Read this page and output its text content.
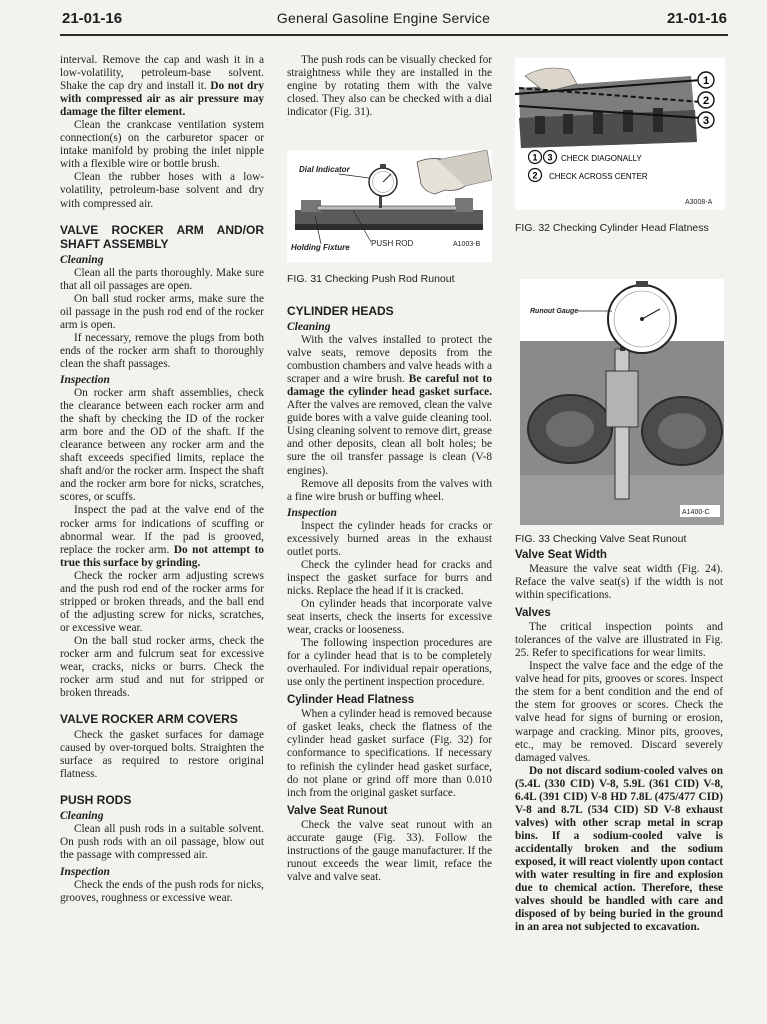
21-01-16	General Gasoline Engine Service	21-01-16

interval. Remove the cap and wash it in a low-volatility, petroleum-base solvent. Shake the cap dry and install it. Do not dry with compressed air as air pressure may damage the filter element.

Clean the crankcase ventilation system connection(s) on the carburetor spacer or intake manifold by probing the inlet nipple with a flexible wire or bottle brush.

Clean the rubber hoses with a low-volatility, petroleum-base solvent and dry with compressed air.

VALVE ROCKER ARM AND/OR SHAFT ASSEMBLY
Cleaning

Clean all the parts thoroughly. Make sure that all oil passages are open.

On ball stud rocker arms, make sure the oil passage in the push rod end of the rocker arm is open.

If necessary, remove the plugs from both ends of the rocker arm shaft to thoroughly clean the shaft passages.

Inspection

On rocker arm shaft assemblies, check the clearance between each rocker arm and the shaft by checking the ID of the rocker arm bore and the OD of the shaft. If the clearance between any rocker arm and the shaft exceeds specified limits, replace the shaft and/or the rocker arm. Inspect the shaft and the rocker arm bore for nicks, scratches, scores, or scuffs.

Inspect the pad at the valve end of the rocker arms for indications of scuffing or abnormal wear. If the pad is grooved, replace the rocker arm. Do not attempt to true this surface by grinding.

Check the rocker arm adjusting screws and the push rod end of the rocker arms for stripped or broken threads, and the ball end of the adjusting screw for nicks, scratches, or excessive wear.

On the ball stud rocker arms, check the rocker arm and fulcrum seat for excessive wear, cracks, nicks or burrs. Check the rocker arm stud and nut for stripped or broken threads.

VALVE ROCKER ARM COVERS

Check the gasket surfaces for damage caused by over-torqued bolts. Straighten the surface as required to restore original flatness.

PUSH RODS
Cleaning

Clean all push rods in a suitable solvent. On push rods with an oil passage, blow out the passage with compressed air.

Inspection

Check the ends of the push rods for nicks, grooves, roughness or excessive wear.

The push rods can be visually checked for straightness while they are installed in the engine by rotating them with the valve closed. They also can be checked with a dial indicator (Fig. 31).

Dial Indicator
Holding Fixture	PUSH ROD	A1003-B
FIG. 31 Checking Push Rod Runout
CYLINDER HEADS
Cleaning

With the valves installed to protect the valve seats, remove deposits from the combustion chambers and valve heads with a scraper and a wire brush. Be careful not to damage the cylinder head gasket surface. After the valves are removed, clean the valve guide bores with a valve guide cleaning tool. Using cleaning solvent to remove dirt, grease and other deposits, clean all bolt holes; be sure the oil transfer passage is clean (V-8 engines).

Remove all deposits from the valves with a fine wire brush or buffing wheel.

Inspection

Inspect the cylinder heads for cracks or excessively burned areas in the exhaust outlet ports.

Check the cylinder head for cracks and inspect the gasket surface for burrs and nicks. Replace the head if it is cracked.

On cylinder heads that incorporate valve seat inserts, check the inserts for excessive wear, cracks or looseness.

The following inspection procedures are for a cylinder head that is to be completely overhauled. For individual repair operations, use only the pertinent inspection procedure.

Cylinder Head Flatness

When a cylinder head is removed because of gasket leaks, check the flatness of the cylinder head gasket surface (Fig. 32) for conformance to specifications. If necessary to refinish the cylinder head gasket surface, do not plane or grind off more than 0.010 inch from the original gasket surface.

Valve Seat Runout

Check the valve seat runout with an accurate gauge (Fig. 33). Follow the instructions of the gauge manufacturer. If the runout exceeds the wear limit, reface the valve and valve seat.

1
2
3
1 3 CHECK DIAGONALLY
2 CHECK ACROSS CENTER
A3008-A
FIG. 32 Checking Cylinder Head Flatness
Runout Gauge
A1400-C
FIG. 33 Checking Valve Seat Runout
Valve Seat Width

Measure the valve seat width (Fig. 24). Reface the valve seat(s) if the width is not within specifications.

Valves

The critical inspection points and tolerances of the valve are illustrated in Fig. 25. Refer to specifications for wear limits.

Inspect the valve face and the edge of the valve head for pits, grooves or scores. Inspect the stem for a bent condition and the end of the stem for grooves or scores. Check the valve head for signs of burning or erosion, warpage and cracking. Minor pits, grooves, etc., may be removed. Discard severely damaged valves.

Do not discard sodium-cooled valves on (5.4L (330 CID) V-8, 5.9L (361 CID) V-8, 6.4L (391 CID) V-8 HD 7.8L (475/477 CID) V-8 and 8.7L (534 CID) SD V-8 exhaust valves) with other scrap metal in scrap bins. If a sodium-cooled valve is accidentally broken and the sodium exposed, it will react violently upon contact with water resulting in fire and explosion due to chemical action. Therefore, these valves should be handled with care and disposed of by being buried in the ground in an area not subjected to excavation.
